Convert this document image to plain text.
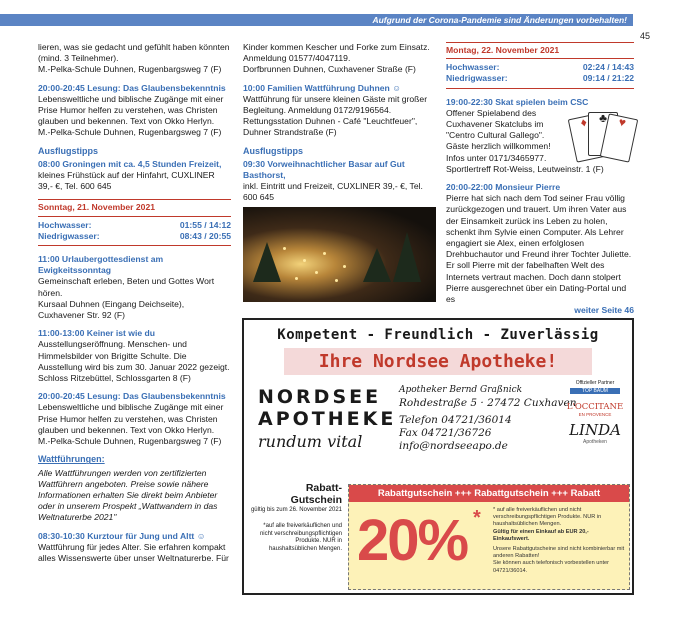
Aufgrund der Corona-Pandemie sind Änderungen vorbehalten!
45
lieren, was sie gedacht und gefühlt haben könnten (mind. 3 Teilnehmer).
M.-Pelka-Schule Duhnen, Rugenbargsweg 7 (F)
20:00-20:45 Lesung: Das Glaubensbekenntnis
Lebensweltliche und biblische Zugänge mit einer Prise Humor helfen zu verstehen, was Christen glauben und bekennen. Text von Okko Herlyn.
M.-Pelka-Schule Duhnen, Rugenbargsweg 7 (F)
Ausflugstipps
08:00 Groningen mit ca. 4,5 Stunden Freizeit,
kleines Frühstück auf der Hinfahrt, CUXLINER 39,- €, Tel. 600 645
Sonntag, 21. November 2021
Hochwasser:	01:55 / 14:12
Niedrigwasser:	08:43 / 20:55
11:00 Urlaubergottesdienst am Ewigkeitssonntag
Gemeinschaft erleben, Beten und Gottes Wort hören.
Kursaal Duhnen (Eingang Deichseite), Cuxhavener Str. 92 (F)
11:00-13:00 Keiner ist wie du
Ausstellungseröffnung. Menschen- und Himmelsbilder von Brigitte Schulte. Die Ausstellung wird bis zum 30. Januar 2022 gezeigt.
Schloss Ritzebüttel, Schlossgarten 8 (F)
20:00-20:45 Lesung: Das Glaubensbekenntnis
Lebensweltliche und biblische Zugänge mit einer Prise Humor helfen zu verstehen, was Christen glauben und bekennen. Text von Okko Herlyn.
M.-Pelka-Schule Duhnen, Rugenbargsweg 7 (F)
Wattführungen:
Alle Wattführungen werden von zertifizierten Wattführern angeboten. Preise sowie nähere Informationen erhalten Sie direkt beim Anbieter oder in unserem Prospekt „Wattwandern in das Weltnaturerbe 2021"
08:30-10:30 Kurztour für Jung und Altt ☺
Wattführung für jedes Alter. Sie erfahren kompakt alles Wissenswerte über unser Weltnaturerbe. Für
Kinder kommen Kescher und Forke zum Einsatz. Anmeldung 01577/4047119.
Dorfbrunnen Duhnen, Cuxhavener Straße (F)
10:00 Familien Wattführung Duhnen ☺
Wattführung für unsere kleinen Gäste mit großer Begleitung. Anmeldung 0172/9196564. Rettungsstation Duhnen - Café "Leuchtfeuer", Duhner Strandstraße (F)
Ausflugstipps
09:30 Vorweihnachtlicher Basar auf Gut Basthorst,
inkl. Eintritt und Freizeit, CUXLINER 39,- €, Tel. 600 645
Montag, 22. November 2021
Hochwasser:	02:24 / 14:43
Niedrigwasser:	09:14 / 21:22
19:00-22:30 Skat spielen beim CSC
♦ ♣ ♥
Offener Spielabend des Cuxhavener Skatclubs im "Centro Cultural Gallego". Gäste herzlich willkommen! Infos unter 0171/3465977.
Sportlertreff Rot-Weiss, Leutweinstr. 1 (F)
20:00-22:00 Monsieur Pierre
Pierre hat sich nach dem Tod seiner Frau völlig zurückgezogen und trauert. Um ihren Vater aus der Einsamkeit zurück ins Leben zu holen, schenkt ihm Sylvie einen Computer. Als Lehrer engagiert sie Alex, einen erfolglosen Drehbuchautor und Freund ihrer Tochter Juliette. Er soll Pierre mit der fabelhaften Welt des Internets vertraut machen. Doch dann stolpert Pierre ausgerechnet über ein Dating-Portal und es
weiter Seite 46
Kompetent - Freundlich - Zuverlässig
Ihre Nordsee Apotheke!
NORDSEE
APOTHEKE
rundum vital
Apotheker Bernd Graßnick
Rohdestraße 5 · 27472 Cuxhaven
Telefon 04721/36014
Fax 04721/36726
info@nordseeapo.de
Offizieller Partner
TOP BAUM
L'OCCITANE
EN PROVENCE
LINDA
Apotheken
Rabatt-
Gutschein
gültig bis zum 26. November 2021
*auf alle freiverkäuflichen und nicht verschreibungspflichtigen Produkte. NUR in haushaltsüblichen Mengen.
Rabattgutschein +++ Rabattgutschein +++ Rabatt
20% * * auf alle freiverkäuflichen und nicht verschreibungspflichtigen Produkte. NUR in haushaltsüblichen Mengen.
Gültig für einen Einkauf ab EUR 20,- Einkaufswert.
Unsere Rabattgutscheine sind nicht kombinierbar mit anderen Rabatten!
Sie können auch telefonisch vorbestellen unter 04721/36014.
